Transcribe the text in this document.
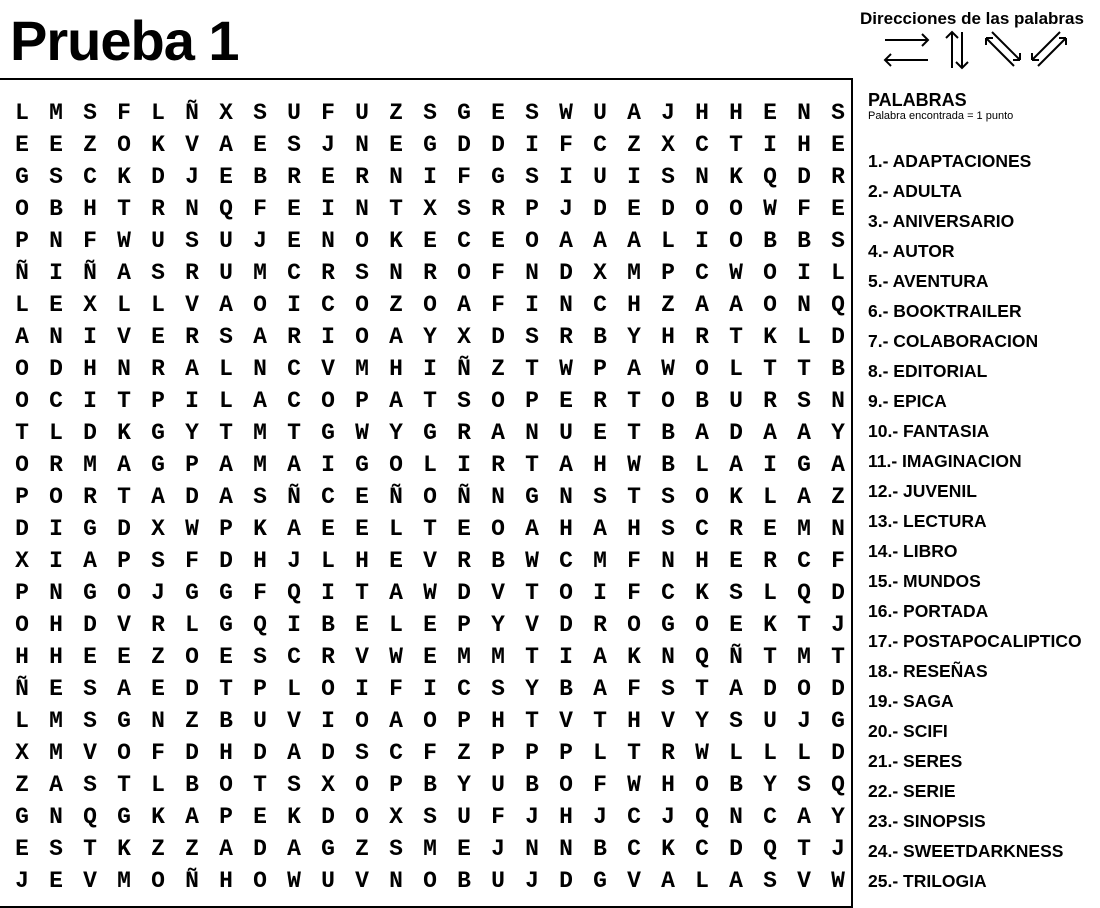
Prueba 1	Direcciones de las palabras
L M S F L Ñ X S U F U Z S G E S W U A J H H E N S
E E Z O K V A E S J N E G D D I F C Z X C T I H E
G S C K D J E B R E R N I F G S I U I S N K Q D R
O B H T R N Q F E I N T X S R P J D E D O O W F E
P N F W U S U J E N O K E C E O A A A L I O B B S
Ñ I Ñ A S R U M C R S N R O F N D X M P C W O I L
L E X L L V A O I C O Z O A F I N C H Z A A O N Q
A N I V E R S A R I O A Y X D S R B Y H R T K L D
O D H N R A L N C V M H I Ñ Z T W P A W O L T T B
O C I T P I L A C O P A T S O P E R T O B U R S N
T L D K G Y T M T G W Y G R A N U E T B A D A A Y
O R M A G P A M A I G O L I R T A H W B L A I G A
P O R T A D A S Ñ C E Ñ O Ñ N G N S T S O K L A Z
D I G D X W P K A E E L T E O A H A H S C R E M N
X I A P S F D H J L H E V R B W C M F N H E R C F
P N G O J G G F Q I T A W D V T O I F C K S L Q D
O H D V R L G Q I B E L E P Y V D R O G O E K T J
H H E E Z O E S C R V W E M M T I A K N Q Ñ T M T
Ñ E S A E D T P L O I F I C S Y B A F S T A D O D
L M S G N Z B U V I O A O P H T V T H V Y S U J G
X M V O F D H D A D S C F Z P P P L T R W L L L D
Z A S T L B O T S X O P B Y U B O F W H O B Y S Q
G N Q G K A P E K D O X S U F J H J C J Q N C A Y
E S T K Z Z A D A G Z S M E J N N B C K C D Q T J
J E V M O Ñ H O W U V N O B U J D G V A L A S V W
PALABRAS
Palabra encontrada = 1 punto
1.- ADAPTACIONES
2.- ADULTA
3.- ANIVERSARIO
4.- AUTOR
5.- AVENTURA
6.- BOOKTRAILER
7.- COLABORACION
8.- EDITORIAL
9.- EPICA
10.- FANTASIA
11.- IMAGINACION
12.- JUVENIL
13.- LECTURA
14.- LIBRO
15.- MUNDOS
16.- PORTADA
17.- POSTAPOCALIPTICO
18.- RESEÑAS
19.- SAGA
20.- SCIFI
21.- SERES
22.- SERIE
23.- SINOPSIS
24.- SWEETDARKNESS
25.- TRILOGIA
